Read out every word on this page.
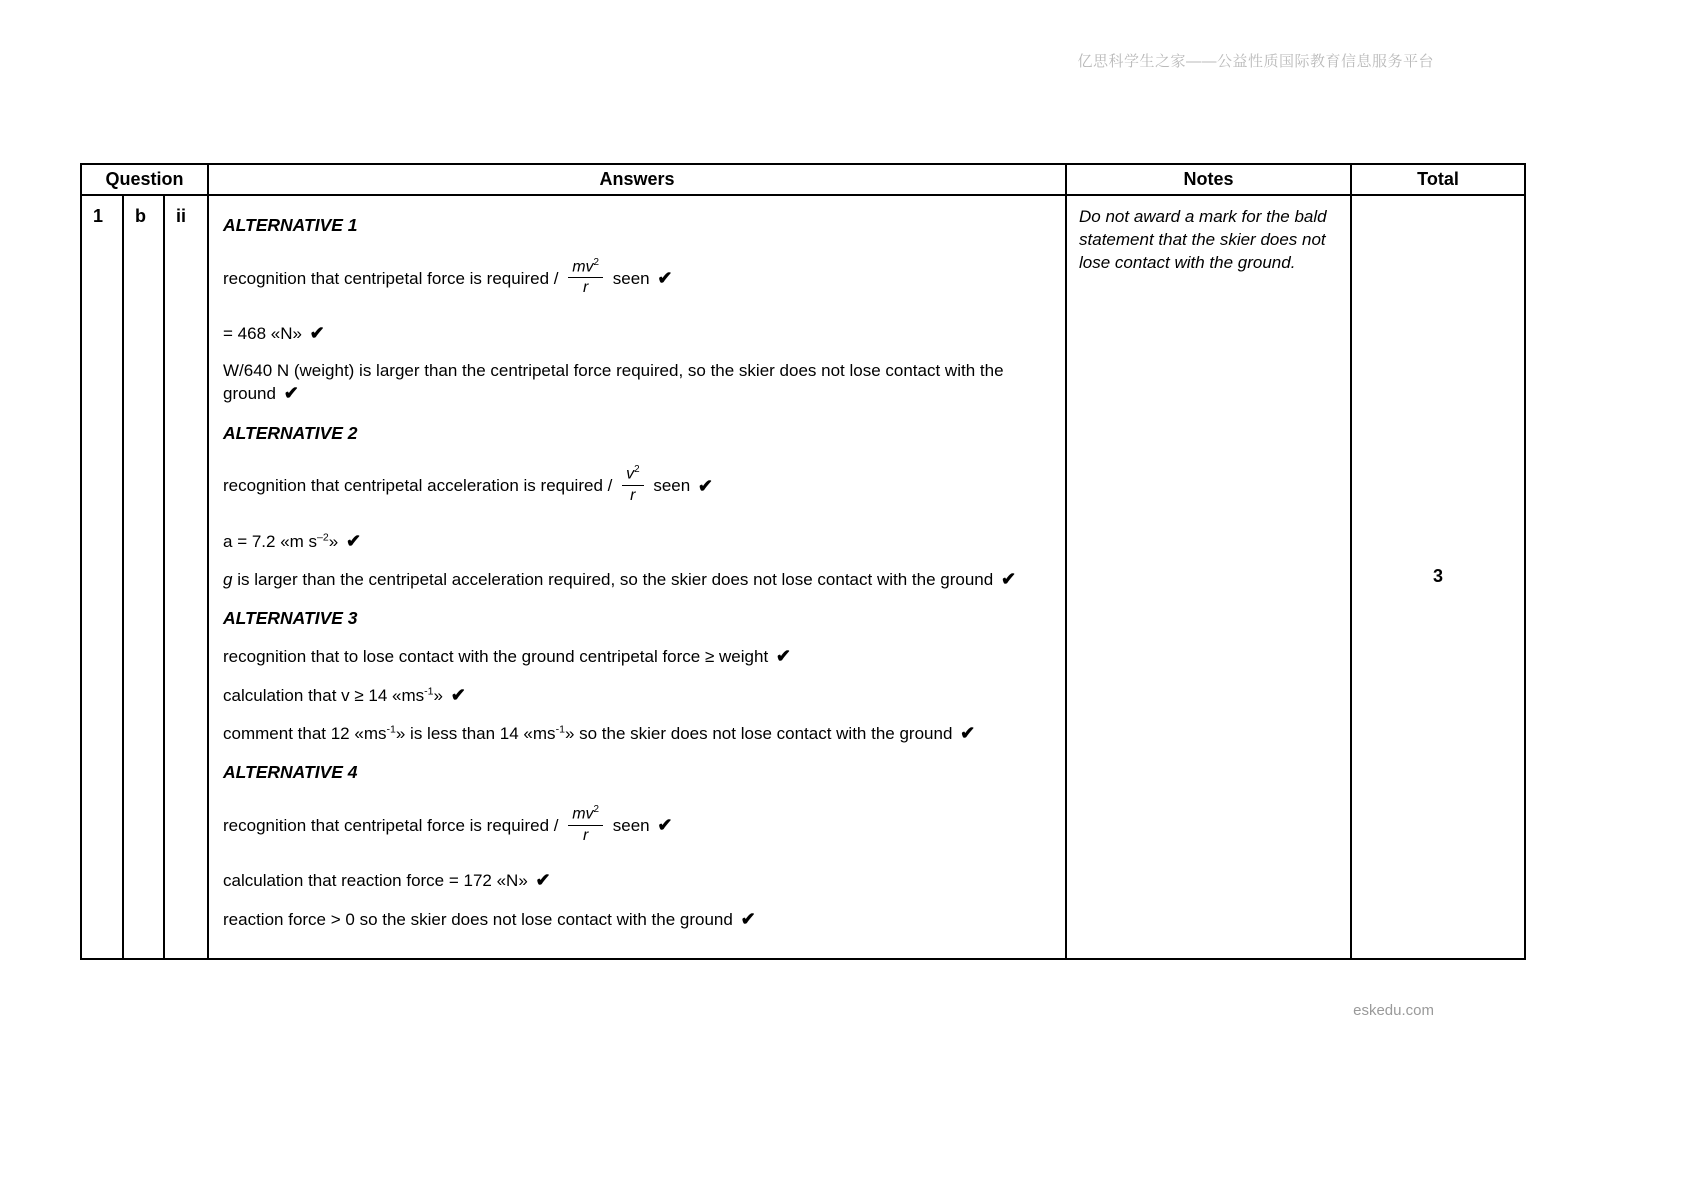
亿思科学生之家——公益性质国际教育信息服务平台
Question			Answers	Notes	Total
1	b	ii	ALTERNATIVE 1

recognition that centripetal force is required / $\frac{mv^2}{r}$ seen ✔

= 468 «N» ✔

W/640 N (weight) is larger than the centripetal force required, so the skier does not lose contact with the ground ✔

ALTERNATIVE 2

recognition that centripetal acceleration is required / $\frac{v^2}{r}$ seen ✔

a = 7.2 «m $s^{-2}$» ✔

g is larger than the centripetal acceleration required, so the skier does not lose contact with the ground ✔

ALTERNATIVE 3

recognition that to lose contact with the ground centripetal force ≥ weight ✔

calculation that v ≥ 14 «$ms^{-1}$» ✔

comment that 12 «$ms^{-1}$» is less than 14 «$ms^{-1}$» so the skier does not lose contact with the ground ✔

ALTERNATIVE 4

recognition that centripetal force is required / $\frac{mv^2}{r}$ seen ✔

calculation that reaction force = 172 «N» ✔

reaction force > 0 so the skier does not lose contact with the ground ✔

	Do not award a mark for the bald statement that the skier does not lose contact with the ground.	3
eskedu.com
